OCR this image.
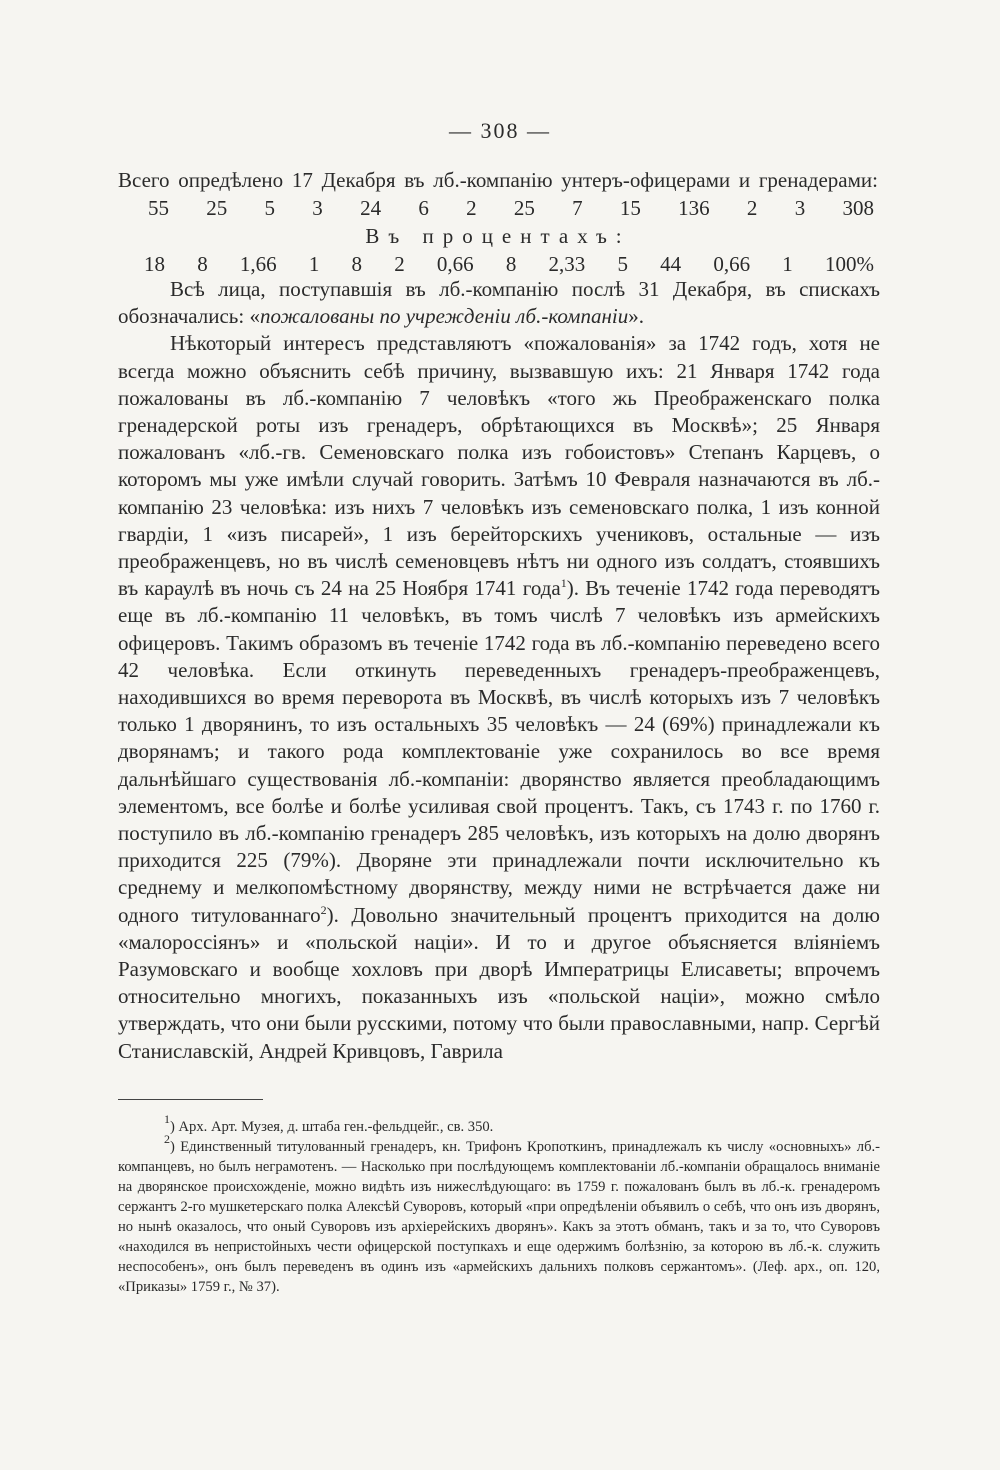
— 308 —
Всего опредѣлено 17 Декабря въ лб.-компанію унтеръ-офицерами и гренадерами:
55 25 5 3 24 6 2 25 7 15 136 2 3 308
Въ процентахъ:
18 8 1,66 1 8 2 0,66 8 2,33 5 44 0,66 1 100%

Всѣ лица, поступавшія въ лб.-компанію послѣ 31 Декабря, въ спискахъ обозначались: «пожалованы по учрежденіи лб.-компаніи».

Нѣкоторый интересъ представляютъ «пожалованія» за 1742 годъ, хотя не всегда можно объяснить себѣ причину, вызвавшую ихъ: 21 Января 1742 года пожалованы въ лб.-компанію 7 человѣкъ «того жь Преображенскаго полка гренадерской роты изъ гренадеръ, обрѣтающихся въ Москвѣ»; 25 Января пожалованъ «лб.-гв. Семеновскаго полка изъ гобоистовъ» Степанъ Карцевъ, о которомъ мы уже имѣли случай говорить. Затѣмъ 10 Февраля назначаются въ лб.-компанію 23 человѣка: изъ нихъ 7 человѣкъ изъ семеновскаго полка, 1 изъ конной гвардіи, 1 «изъ писарей», 1 изъ берейторскихъ учениковъ, остальные — изъ преображенцевъ, но въ числѣ семеновцевъ нѣтъ ни одного изъ солдатъ, стоявшихъ въ караулѣ въ ночь съ 24 на 25 Ноября 1741 года$^1$). Въ теченіе 1742 года переводятъ еще въ лб.-компанію 11 человѣкъ, въ томъ числѣ 7 человѣкъ изъ армейскихъ офицеровъ. Такимъ образомъ въ теченіе 1742 года въ лб.-компанію переведено всего 42 человѣка. Если откинуть переведенныхъ гренадеръ-преображенцевъ, находившихся во время переворота въ Москвѣ, въ числѣ которыхъ изъ 7 человѣкъ только 1 дворянинъ, то изъ остальныхъ 35 человѣкъ — 24 (69%) принадлежали къ дворянамъ; и такого рода комплектованіе уже сохранилось во все время дальнѣйшаго существованія лб.-компаніи: дворянство является преобладающимъ элементомъ, все болѣе и болѣе усиливая свой процентъ. Такъ, съ 1743 г. по 1760 г. поступило въ лб.-компанію гренадеръ 285 человѣкъ, изъ которыхъ на долю дворянъ приходится 225 (79%). Дворяне эти принадлежали почти исключительно къ среднему и мелкопомѣстному дворянству, между ними не встрѣчается даже ни одного титулованнаго$^2$). Довольно значительный процентъ приходится на долю «малороссіянъ» и «польской націи». И то и другое объясняется вліяніемъ Разумовскаго и вообще хохловъ при дворѣ Императрицы Елисаветы; впрочемъ относительно многихъ, показанныхъ изъ «польской націи», можно смѣло утверждать, что они были русскими, потому что были православными, напр. Сергѣй Станиславскій, Андрей Кривцовъ, Гаврила

$^1$) Арх. Арт. Музея, д. штаба ген.-фельдцейг., св. 350.

$^2$) Единственный титулованный гренадеръ, кн. Трифонъ Кропоткинъ, принадлежалъ къ числу «основныхъ» лб.-компанцевъ, но былъ неграмотенъ. — Насколько при послѣдующемъ комплектованіи лб.-компаніи обращалось вниманіе на дворянское происхожденіе, можно видѣть изъ нижеслѣдующаго: въ 1759 г. пожалованъ былъ въ лб.-к. гренадеромъ сержантъ 2-го мушкетерскаго полка Алексѣй Суворовъ, который «при опредѣленіи объявилъ о себѣ, что онъ изъ дворянъ, но нынѣ оказалось, что оный Суворовъ изъ архіерейскихъ дворянъ». Какъ за этотъ обманъ, такъ и за то, что Суворовъ «находился въ непристойныхъ чести офицерской поступкахъ и еще одержимъ болѣзнію, за которою въ лб.-к. служить неспособенъ», онъ былъ переведенъ въ одинъ изъ «армейскихъ дальнихъ полковъ сержантомъ». (Леф. арх., оп. 120, «Приказы» 1759 г., № 37).
